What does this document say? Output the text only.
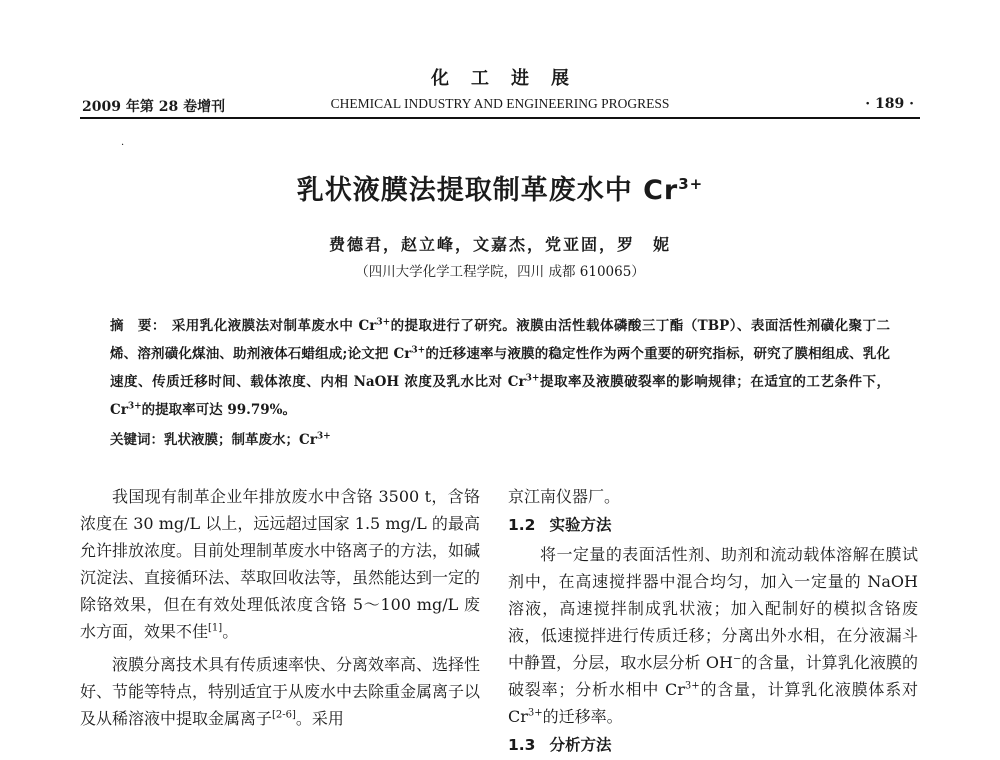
化工进展
2009 年第 28 卷增刊	CHEMICAL INDUSTRY AND ENGINEERING PROGRESS	· 189 ·
·
乳状液膜法提取制革废水中 $Cr^{3+}$
费德君，赵立峰，文嘉杰，党亚固，罗　妮
（四川大学化学工程学院，四川 成都 610065）
摘　要： 采用乳化液膜法对制革废水中 $Cr^{3+}$的提取进行了研究。液膜由活性载体磷酸三丁酯（TBP）、表面活性剂磺化聚丁二烯、溶剂磺化煤油、助剂液体石蜡组成;论文把 $Cr^{3+}$的迁移速率与液膜的稳定性作为两个重要的研究指标，研究了膜相组成、乳化速度、传质迁移时间、载体浓度、内相 NaOH 浓度及乳水比对 $Cr^{3+}$提取率及液膜破裂率的影响规律；在适宜的工艺条件下，$Cr^{3+}$的提取率可达 99.79%。
关键词：乳状液膜；制革废水；$Cr^{3+}$

我国现有制革企业年排放废水中含铬 3500 t，含铬浓度在 30 mg/L 以上，远远超过国家 1.5 mg/L 的最高允许排放浓度。目前处理制革废水中铬离子的方法，如碱沉淀法、直接循环法、萃取回收法等，虽然能达到一定的除铬效果，但在有效处理低浓度含铬 5～100 mg/L 废水方面，效果不佳[1]。

液膜分离技术具有传质速率快、分离效率高、选择性好、节能等特点，特别适宜于从废水中去除重金属离子以及从稀溶液中提取金属离子[2-6]。采用

京江南仪器厂。

1.2 实验方法

将一定量的表面活性剂、助剂和流动载体溶解在膜试剂中，在高速搅拌器中混合均匀，加入一定量的 NaOH 溶液，高速搅拌制成乳状液；加入配制好的模拟含铬废液，低速搅拌进行传质迁移；分离出外水相，在分液漏斗中静置，分层，取水层分析 OH−的含量，计算乳化液膜的破裂率；分析水相中 $Cr^{3+}$的含量，计算乳化液膜体系对 $Cr^{3+}$的迁移率。

1.3 分析方法
